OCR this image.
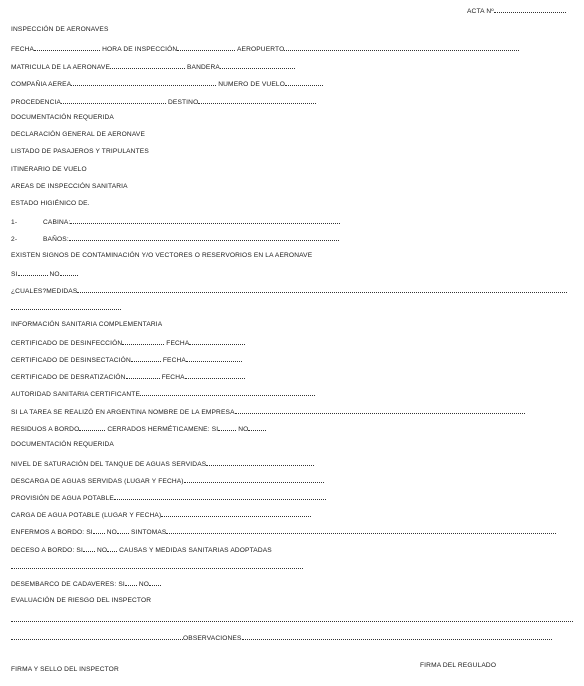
ACTA Nº
INSPECCIÓN DE AERONAVES
FECHA	HORA DE INSPECCIÓN	AEROPUERTO
MATRICULA DE LA AERONAVE	BANDERA
COMPAÑIA AEREA	NUMERO DE VUELO
PROCEDENCIA	DESTINO
DOCUMENTACIÓN REQUERIDA
DECLARACIÓN GENERAL DE AERONAVE
LISTADO DE PASAJEROS Y TRIPULANTES
ITINERARIO DE VUELO
AREAS DE INSPECCIÓN SANITARIA
ESTADO HIGIÉNICO DE.
1-	CABINA:
2-	BAÑOS:
EXISTEN SIGNOS DE CONTAMINACIÓN Y/O VECTORES O RESERVORIOS EN LA AERONAVE
SI	NO
¿CUALES?MEDIDAS
INFORMACIÓN SANITARIA COMPLEMENTARIA
CERTIFICADO DE DESINFECCIÓN	FECHA
CERTIFICADO DE DESINSECTACIÓN	FECHA
CERTIFICADO DE DESRATIZACIÓN	FECHA
AUTORIDAD SANITARIA CERTIFICANTE
SI LA TAREA SE REALIZÓ EN ARGENTINA NOMBRE DE LA EMPRESA
RESIDUOS A BORDO	CERRADOS HERMÉTICAMENE: SI	NO
DOCUMENTACIÓN REQUERIDA
NIVEL DE SATURACIÓN DEL TANQUE DE AGUAS SERVIDAS
DESCARGA DE AGUAS SERVIDAS (LUGAR Y FECHA)
PROVISIÓN DE AGUA POTABLE
CARGA DE AGUA POTABLE (LUGAR Y FECHA)
ENFERMOS A BORDO: SI NO SINTOMAS
DECESO A BORDO: SI NO CAUSAS Y MEDIDAS SANITARIAS ADOPTADAS
DESEMBARCO DE CADAVERES: SI NO
EVALUACIÓN DE RIESGO DEL INSPECTOR
OBSERVACIONES
FIRMA Y SELLO DEL INSPECTOR
FIRMA DEL REGULADO
